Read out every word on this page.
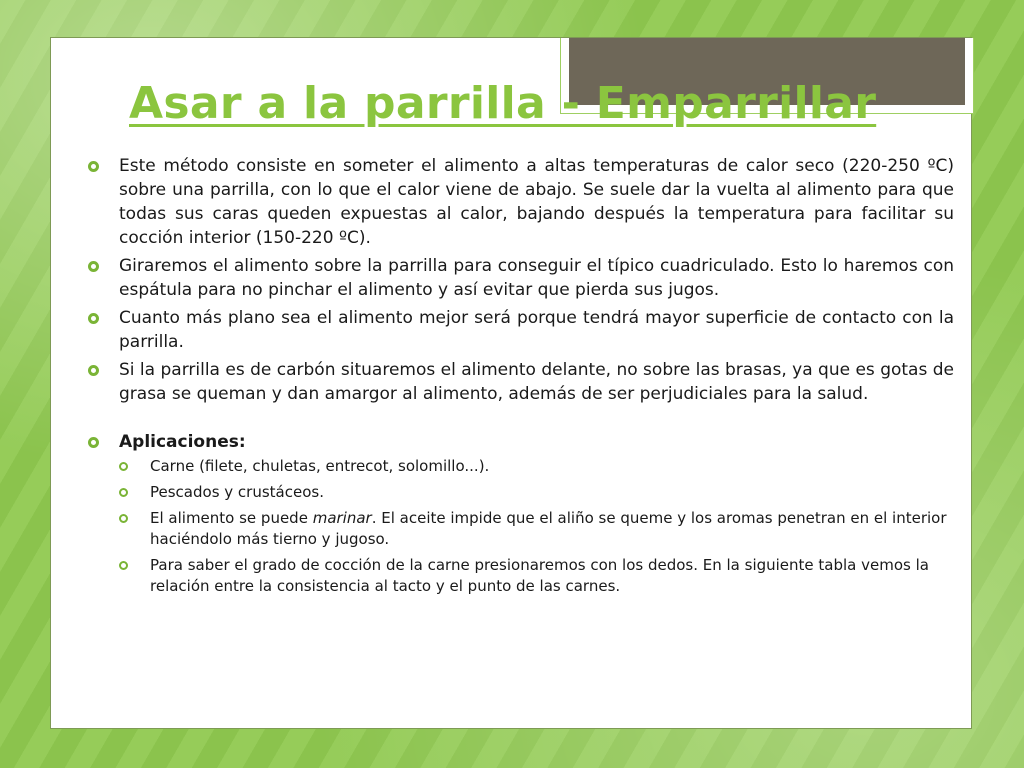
Asar a la parrilla - Emparrillar
Este método consiste en someter el alimento a altas temperaturas de calor seco (220-250 ºC) sobre una parrilla, con lo que el calor viene de abajo. Se suele dar la vuelta al alimento para que todas sus caras queden expuestas al calor, bajando después la temperatura para facilitar su cocción interior (150-220 ºC).
Giraremos el alimento sobre la parrilla para conseguir el típico cuadriculado. Esto lo haremos con espátula para no pinchar el alimento y así evitar que pierda sus jugos.
Cuanto más plano sea el alimento mejor será porque tendrá mayor superficie de contacto con la parrilla.
Si la parrilla es de carbón situaremos el alimento delante, no sobre las brasas, ya que es gotas de grasa se queman y dan amargor al alimento, además de ser perjudiciales para la salud.
Aplicaciones:
Carne (filete, chuletas, entrecot, solomillo...).
Pescados y crustáceos.
El alimento se puede marinar. El aceite impide que el aliño se queme y los aromas penetran en el interior haciéndolo más tierno y jugoso.
Para saber el grado de cocción de la carne presionaremos con los dedos. En la siguiente tabla vemos la relación entre la consistencia al tacto y el punto de las carnes.
